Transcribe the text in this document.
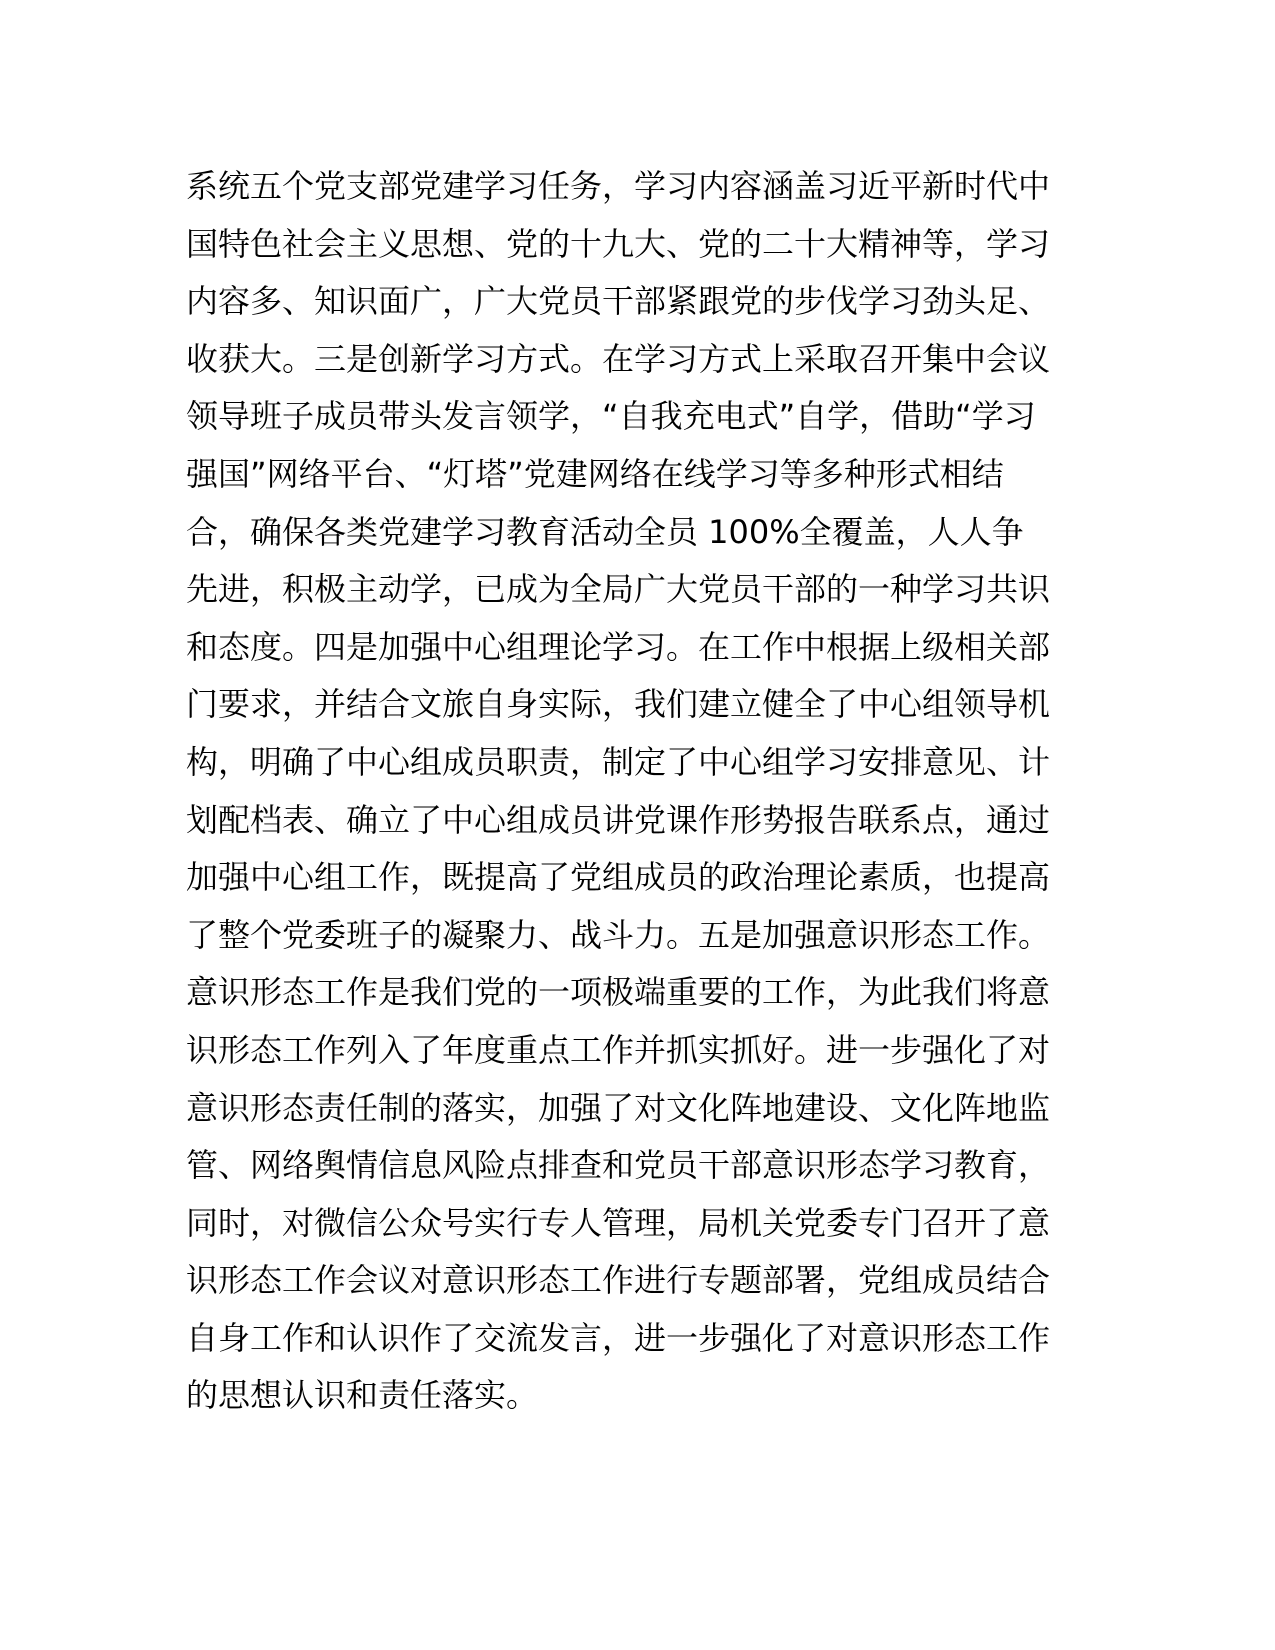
系统五个党支部党建学习任务，学习内容涵盖习近平新时代中
国特色社会主义思想、党的十九大、党的二十大精神等，学习
内容多、知识面广，广大党员干部紧跟党的步伐学习劲头足、
收获大。三是创新学习方式。在学习方式上采取召开集中会议
领导班子成员带头发言领学，“自我充电式”自学，借助“学习
强国”网络平台、“灯塔”党建网络在线学习等多种形式相结
合，确保各类党建学习教育活动全员 100%全覆盖，人人争
先进，积极主动学，已成为全局广大党员干部的一种学习共识
和态度。四是加强中心组理论学习。在工作中根据上级相关部
门要求，并结合文旅自身实际，我们建立健全了中心组领导机
构，明确了中心组成员职责，制定了中心组学习安排意见、计
划配档表、确立了中心组成员讲党课作形势报告联系点，通过
加强中心组工作，既提高了党组成员的政治理论素质，也提高
了整个党委班子的凝聚力、战斗力。五是加强意识形态工作。
意识形态工作是我们党的一项极端重要的工作，为此我们将意
识形态工作列入了年度重点工作并抓实抓好。进一步强化了对
意识形态责任制的落实，加强了对文化阵地建设、文化阵地监
管、网络舆情信息风险点排查和党员干部意识形态学习教育，
同时，对微信公众号实行专人管理，局机关党委专门召开了意
识形态工作会议对意识形态工作进行专题部署，党组成员结合
自身工作和认识作了交流发言，进一步强化了对意识形态工作
的思想认识和责任落实。
